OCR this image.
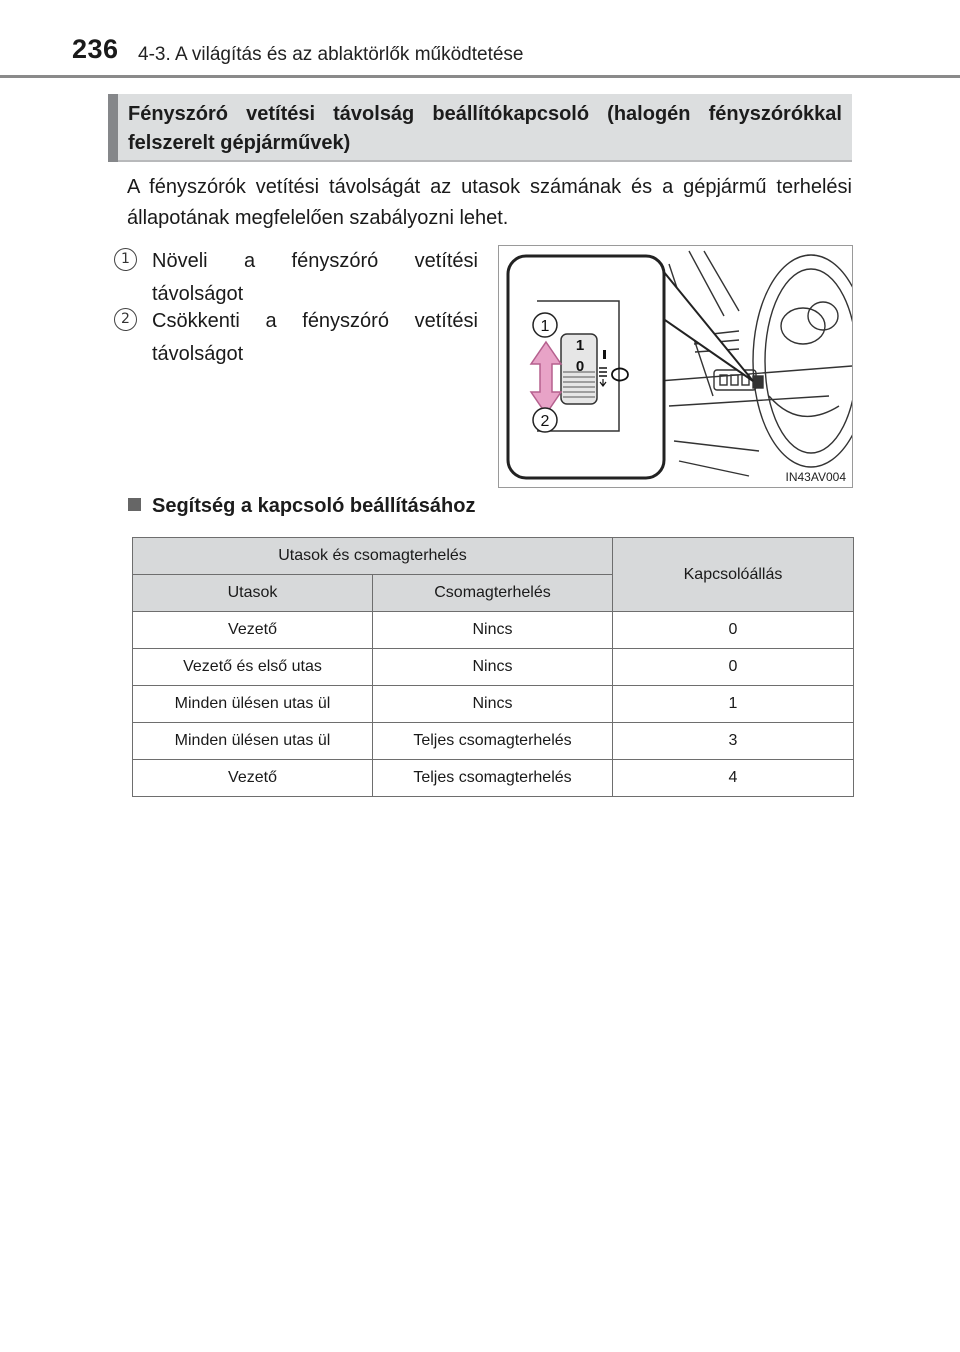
236 4-3. A világítás és az ablaktörlők működtetése
Fényszóró vetítési távolság beállítókapcsoló (halogén fényszórókkal felszerelt gépjárművek)
A fényszórók vetítési távolságát az utasok számának és a gépjármű terhelési állapotának megfelelően szabályozni lehet.
1	Növeli a fényszóró vetítési távolságot
2	Csökkenti a fényszóró vetítési távolságot	1
0
1
2
IN43AV004
Segítség a kapcsoló beállításához
Utasok és csomagterhelés		Kapcsolóállás
Utasok	Csomagterhelés	
Vezető	Nincs	0
Vezető és első utas	Nincs	0
Minden ülésen utas ül	Nincs	1
Minden ülésen utas ül	Teljes csomagterhelés	3
Vezető	Teljes csomagterhelés	4
